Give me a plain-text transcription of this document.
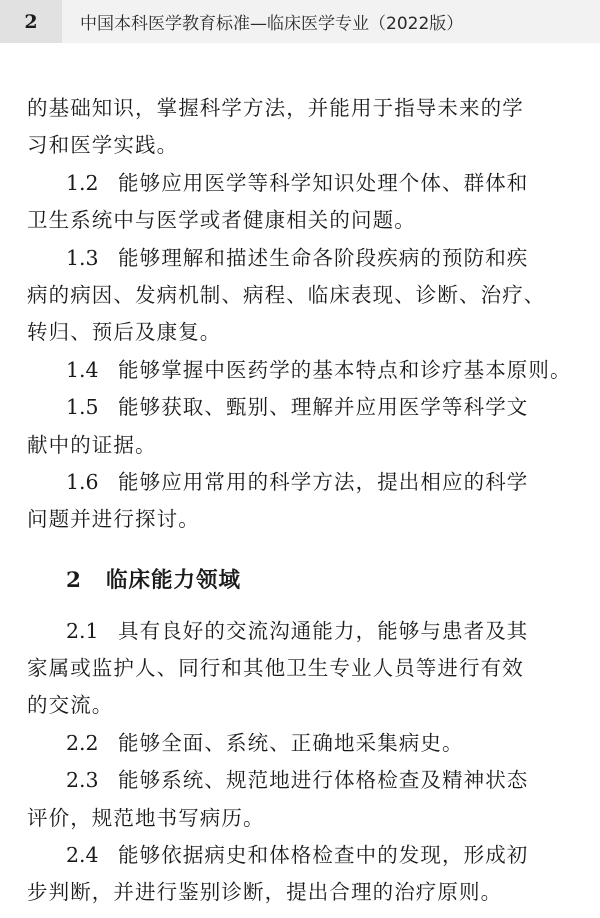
2	中国本科医学教育标准—临床医学专业（2022版）
的基础知识，掌握科学方法，并能用于指导未来的学
习和医学实践。
1.2 能够应用医学等科学知识处理个体、群体和
卫生系统中与医学或者健康相关的问题。
1.3 能够理解和描述生命各阶段疾病的预防和疾
病的病因、发病机制、病程、临床表现、诊断、治疗、
转归、预后及康复。
1.4 能够掌握中医药学的基本特点和诊疗基本原则。
1.5 能够获取、甄别、理解并应用医学等科学文
献中的证据。
1.6 能够应用常用的科学方法，提出相应的科学
问题并进行探讨。
2 临床能力领域
2.1 具有良好的交流沟通能力，能够与患者及其
家属或监护人、同行和其他卫生专业人员等进行有效
的交流。
2.2 能够全面、系统、正确地采集病史。
2.3 能够系统、规范地进行体格检查及精神状态
评价，规范地书写病历。
2.4 能够依据病史和体格检查中的发现，形成初
步判断，并进行鉴别诊断，提出合理的治疗原则。
